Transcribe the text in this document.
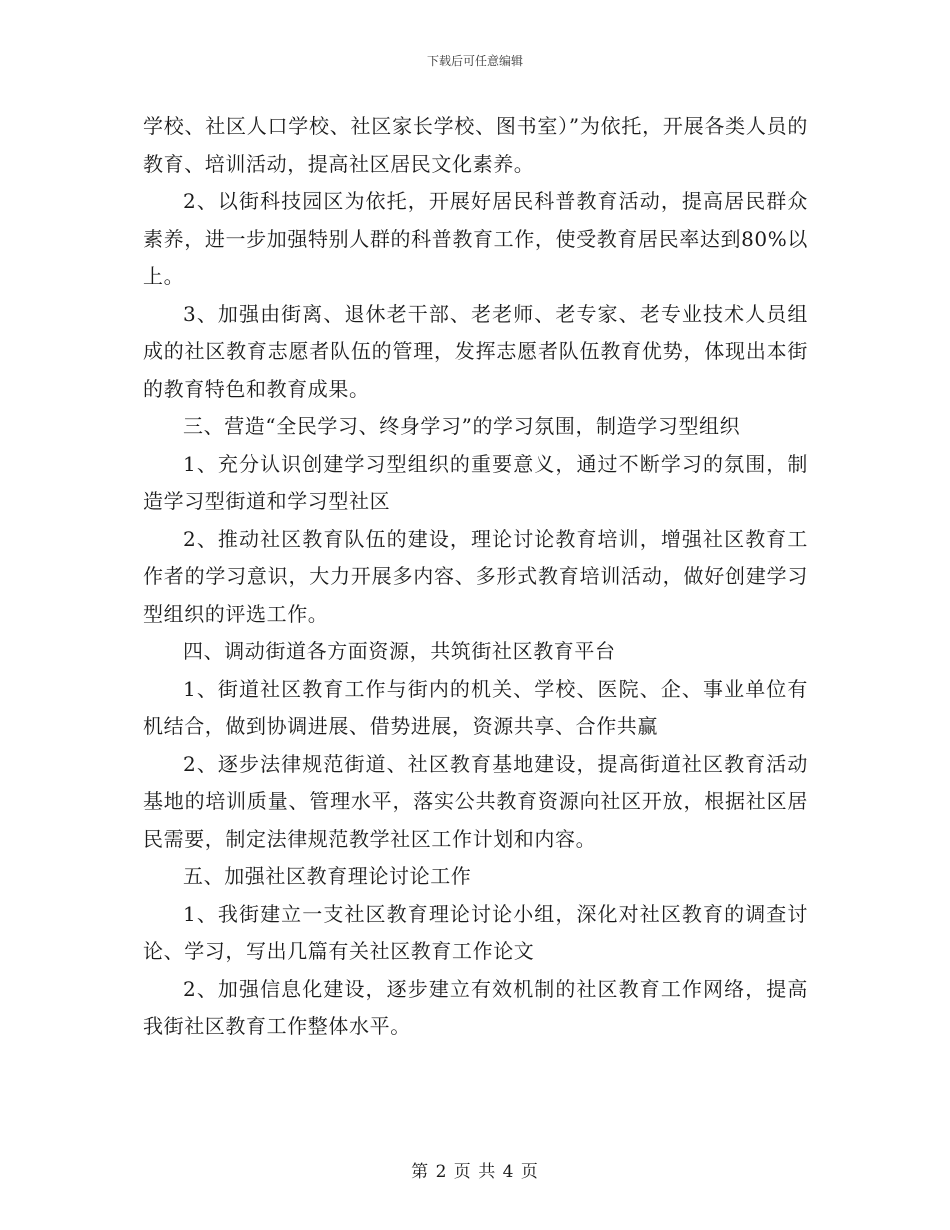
下载后可任意编辑

学校、社区人口学校、社区家长学校、图书室）”为依托，开展各类人员的教育、培训活动，提高社区居民文化素养。

2、以街科技园区为依托，开展好居民科普教育活动，提高居民群众素养，进一步加强特别人群的科普教育工作，使受教育居民率达到80%以上。

3、加强由街离、退休老干部、老老师、老专家、老专业技术人员组成的社区教育志愿者队伍的管理，发挥志愿者队伍教育优势，体现出本街的教育特色和教育成果。

三、营造“全民学习、终身学习”的学习氛围，制造学习型组织

1、充分认识创建学习型组织的重要意义，通过不断学习的氛围，制造学习型街道和学习型社区

2、推动社区教育队伍的建设，理论讨论教育培训，增强社区教育工作者的学习意识，大力开展多内容、多形式教育培训活动，做好创建学习型组织的评选工作。

四、调动街道各方面资源，共筑街社区教育平台

1、街道社区教育工作与街内的机关、学校、医院、企、事业单位有机结合，做到协调进展、借势进展，资源共享、合作共赢

2、逐步法律规范街道、社区教育基地建设，提高街道社区教育活动基地的培训质量、管理水平，落实公共教育资源向社区开放，根据社区居民需要，制定法律规范教学社区工作计划和内容。

五、加强社区教育理论讨论工作

1、我街建立一支社区教育理论讨论小组，深化对社区教育的调查讨论、学习，写出几篇有关社区教育工作论文

2、加强信息化建设，逐步建立有效机制的社区教育工作网络，提高我街社区教育工作整体水平。

第 2 页 共 4 页
